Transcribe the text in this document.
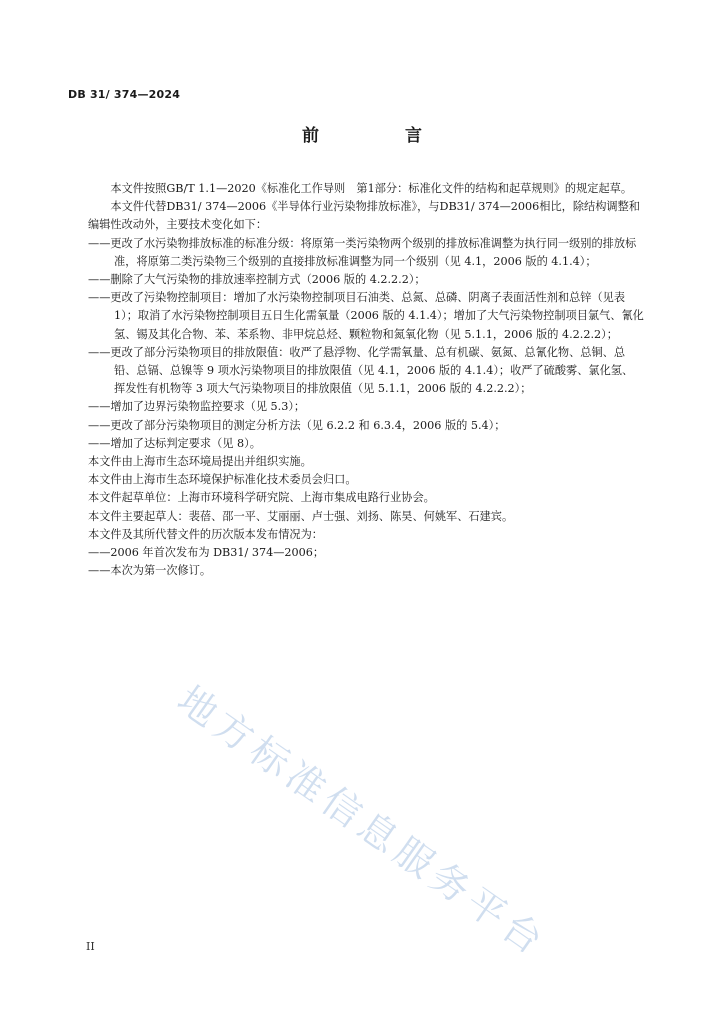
DB 31/ 374—2024
前 言

本文件按照GB/T 1.1—2020《标准化工作导则　第1部分：标准化文件的结构和起草规则》的规定起草。

本文件代替DB31/ 374—2006《半导体行业污染物排放标准》，与DB31/ 374—2006相比，除结构调整和编辑性改动外，主要技术变化如下：

——更改了水污染物排放标准的标准分级：将原第一类污染物两个级别的排放标准调整为执行同一级别的排放标准，将原第二类污染物三个级别的直接排放标准调整为同一个级别（见 4.1，2006 版的 4.1.4）；

——删除了大气污染物的排放速率控制方式（2006 版的 4.2.2.2）；

——更改了污染物控制项目：增加了水污染物控制项目石油类、总氮、总磷、阴离子表面活性剂和总锌（见表 1）；取消了水污染物控制项目五日生化需氧量（2006 版的 4.1.4）；增加了大气污染物控制项目氯气、氰化氢、锡及其化合物、苯、苯系物、非甲烷总烃、颗粒物和氮氧化物（见 5.1.1，2006 版的 4.2.2.2）；

——更改了部分污染物项目的排放限值：收严了悬浮物、化学需氧量、总有机碳、氨氮、总氰化物、总铜、总铅、总镉、总镍等 9 项水污染物项目的排放限值（见 4.1，2006 版的 4.1.4）；收严了硫酸雾、氯化氢、挥发性有机物等 3 项大气污染物项目的排放限值（见 5.1.1，2006 版的 4.2.2.2）；

——增加了边界污染物监控要求（见 5.3）；

——更改了部分污染物项目的测定分析方法（见 6.2.2 和 6.3.4，2006 版的 5.4）；

——增加了达标判定要求（见 8）。

本文件由上海市生态环境局提出并组织实施。

本文件由上海市生态环境保护标准化技术委员会归口。

本文件起草单位：上海市环境科学研究院、上海市集成电路行业协会。

本文件主要起草人：裴蓓、邵一平、艾丽丽、卢士强、刘扬、陈昊、何姚军、石建宾。

本文件及其所代替文件的历次版本发布情况为：

——2006 年首次发布为 DB31/ 374—2006；

——本次为第一次修订。

地方标准信息服务平台
II
